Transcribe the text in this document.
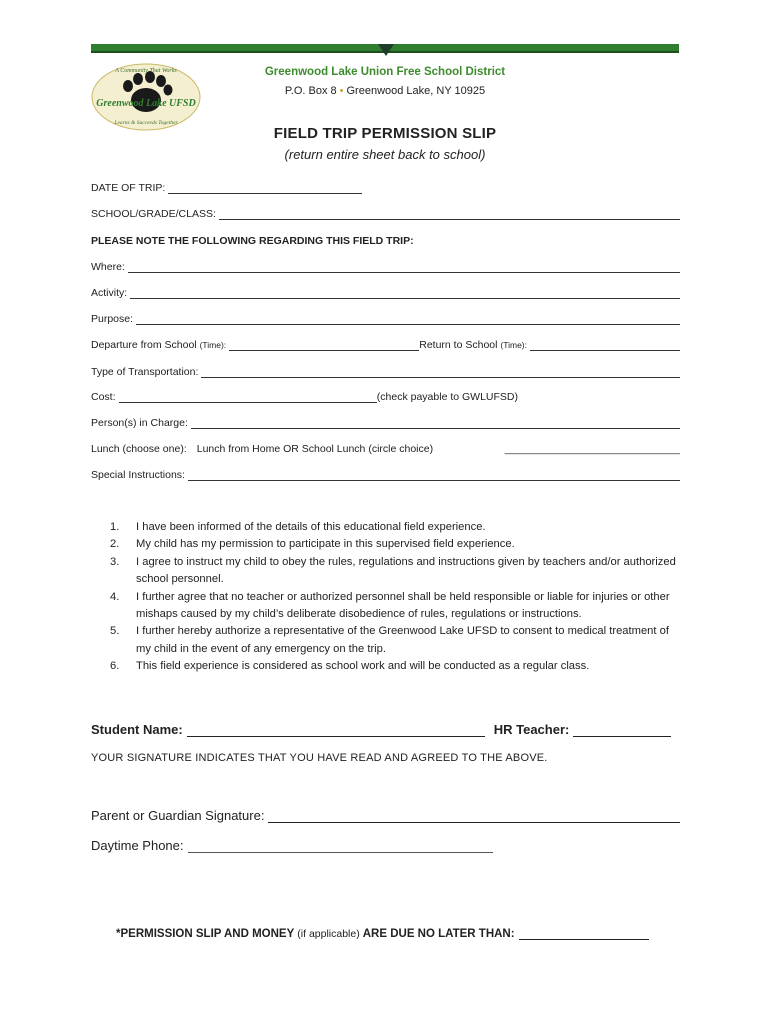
A Community That Works
Greenwood Lake UFSD
Learns & Succeeds Together
Greenwood Lake Union Free School District
P.O. Box 8 • Greenwood Lake, NY 10925
FIELD TRIP PERMISSION SLIP
(return entire sheet back to school)
DATE OF TRIP:
SCHOOL/GRADE/CLASS:
PLEASE NOTE THE FOLLOWING REGARDING THIS FIELD TRIP:
Where:
Activity:
Purpose:
Departure from School (Time):	Return to School (Time):
Type of Transportation:
Cost:	(check payable to GWLUFSD)
Person(s) in Charge:
Lunch (choose one): Lunch from Home OR School Lunch (circle choice)	______________________________
Special Instructions:
1.	I have been informed of the details of this educational field experience.
2.	My child has my permission to participate in this supervised field experience.
3.	I agree to instruct my child to obey the rules, regulations and instructions given by teachers and/or authorized school personnel.
4.	I further agree that no teacher or authorized personnel shall be held responsible or liable for injuries or other mishaps caused by my child’s deliberate disobedience of rules, regulations or instructions.
5.	I further hereby authorize a representative of the Greenwood Lake UFSD to consent to medical treatment of my child in the event of any emergency on the trip.
6.	This field experience is considered as school work and will be conducted as a regular class.
Student Name:	HR Teacher:
YOUR SIGNATURE INDICATES THAT YOU HAVE READ AND AGREED TO THE ABOVE.
Parent or Guardian Signature:
Daytime Phone:
*PERMISSION SLIP AND MONEY (if applicable) ARE DUE NO LATER THAN:
